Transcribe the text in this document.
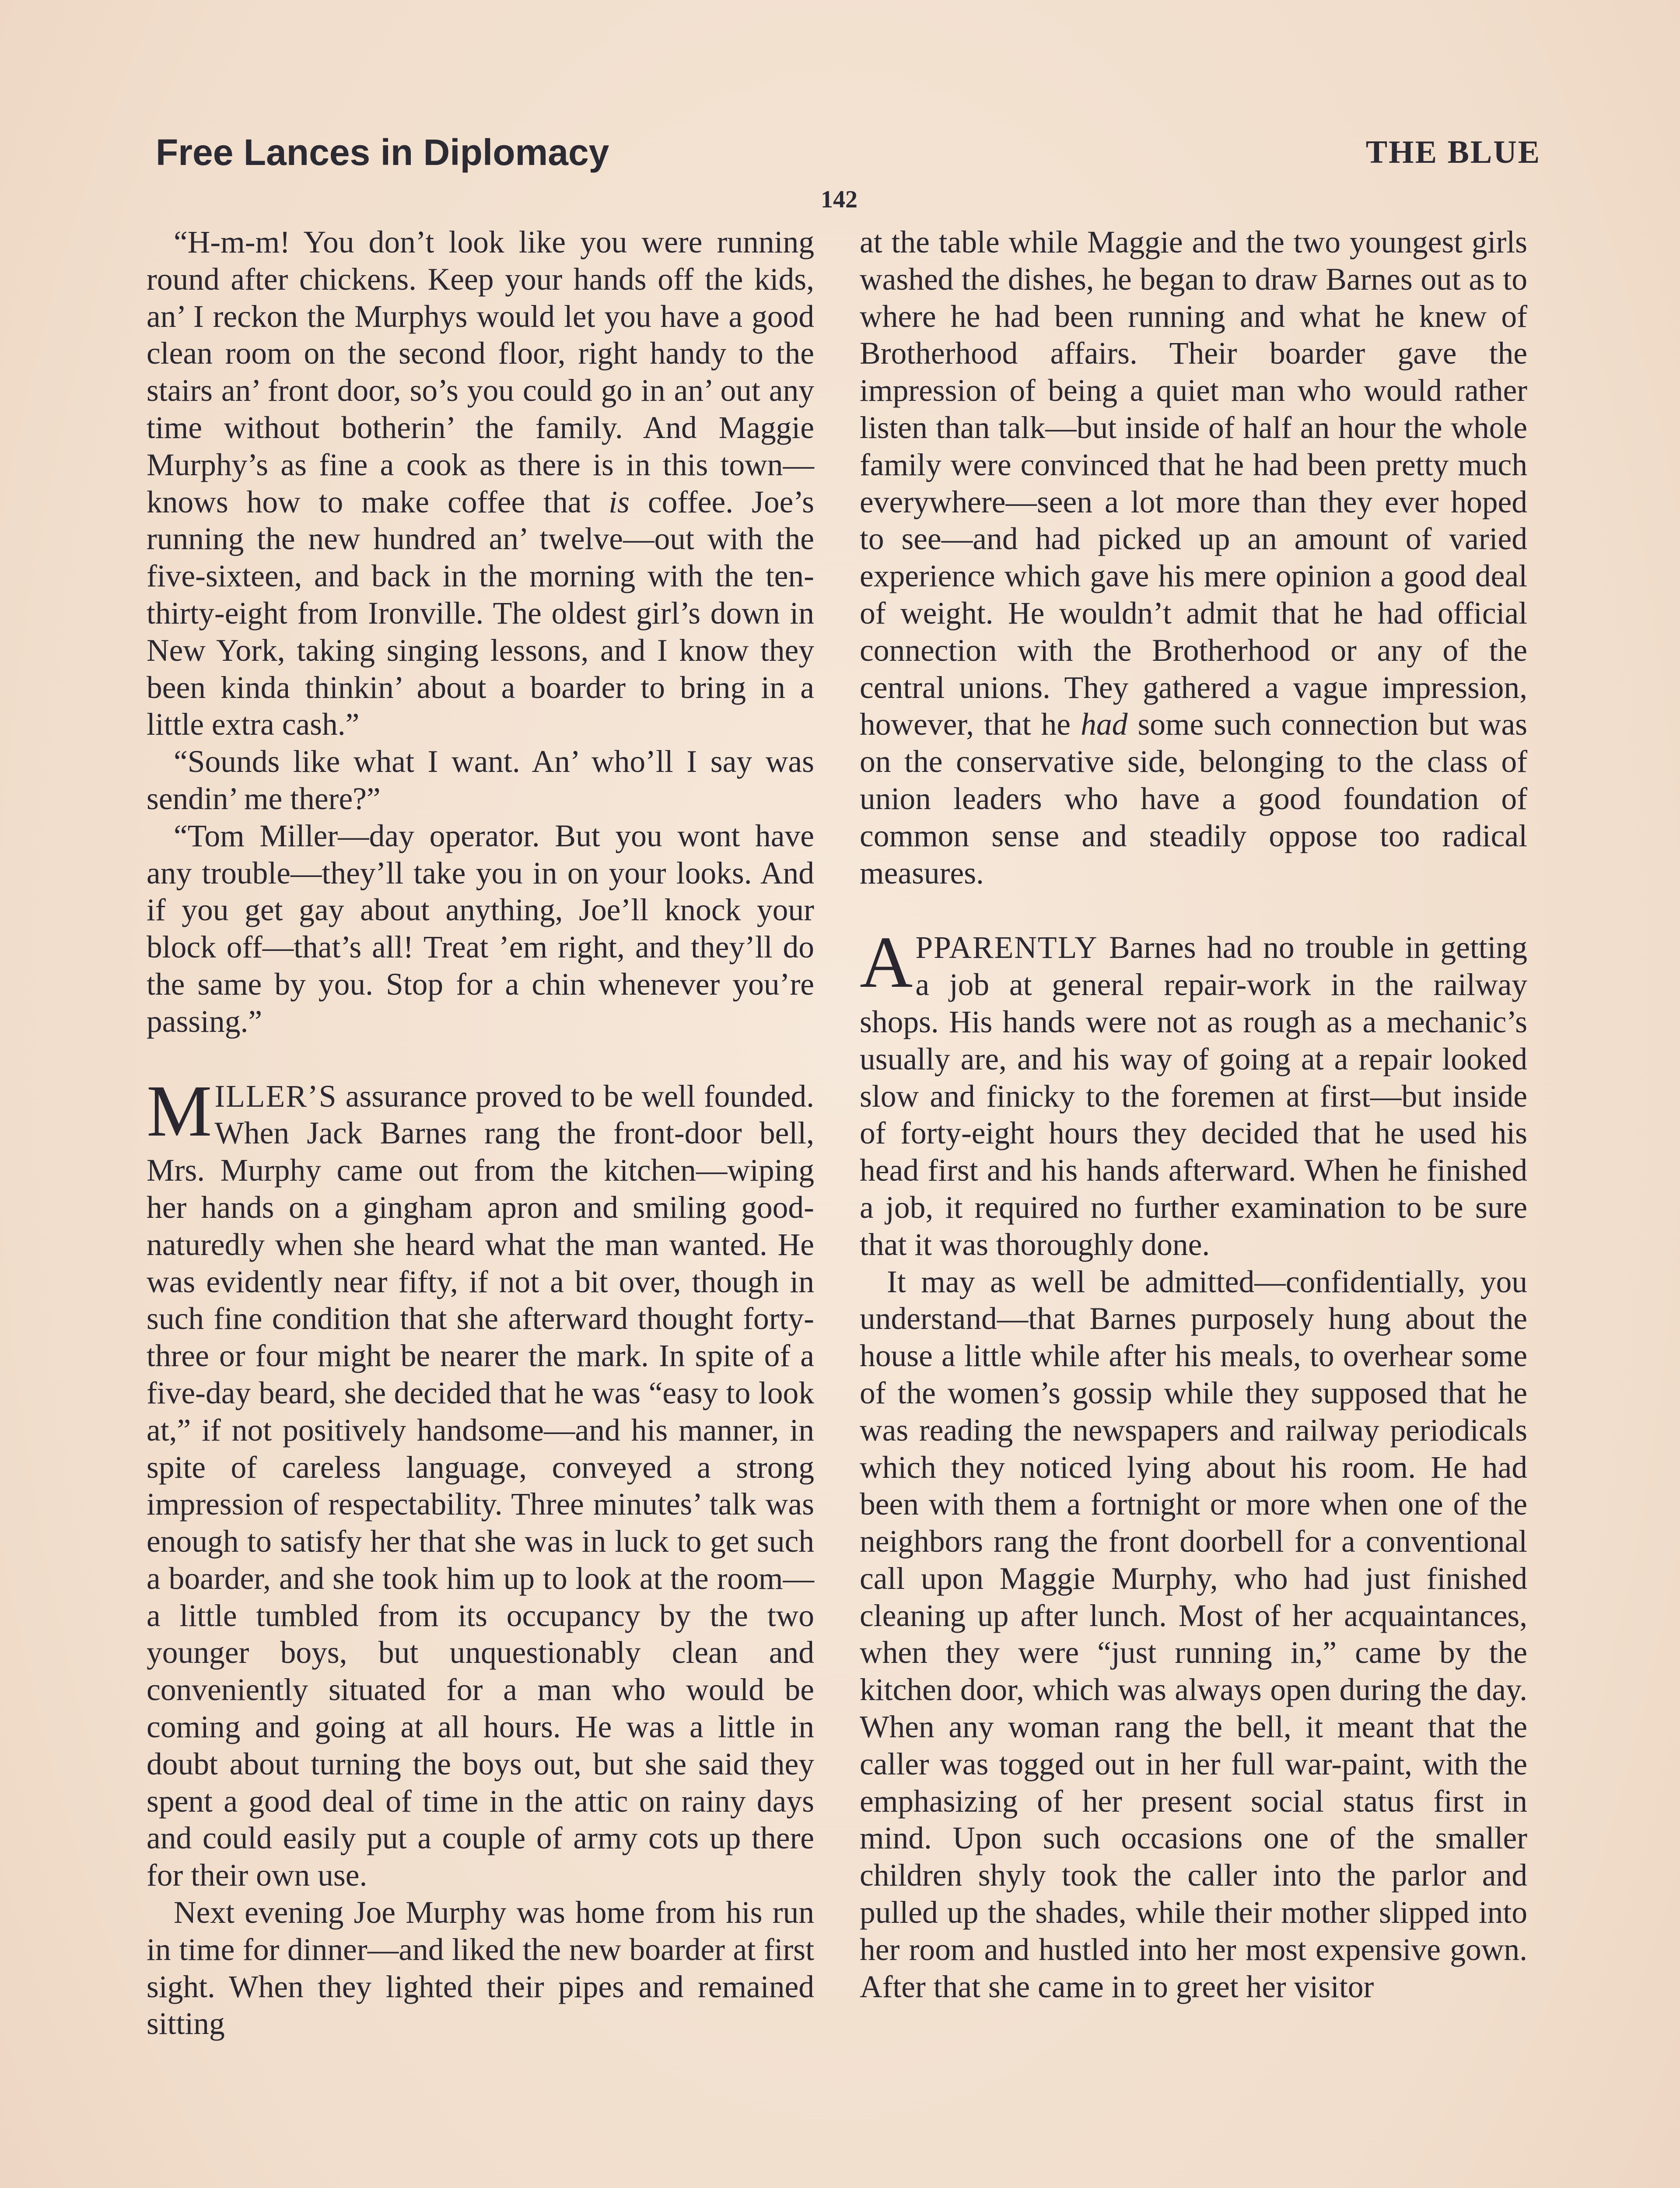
Free Lances in Diplomacy	THE BLUE
142

“H-m-m! You don’t look like you were running round after chickens. Keep your hands off the kids, an’ I reckon the Murphys would let you have a good clean room on the second floor, right handy to the stairs an’ front door, so’s you could go in an’ out any time without botherin’ the family. And Maggie Murphy’s as fine a cook as there is in this town—knows how to make coffee that is coffee. Joe’s running the new hundred an’ twelve—out with the five-sixteen, and back in the morning with the ten-thirty-eight from Ironville. The oldest girl’s down in New York, taking singing lessons, and I know they been kinda thinkin’ about a boarder to bring in a little extra cash.”

“Sounds like what I want. An’ who’ll I say was sendin’ me there?”

“Tom Miller—day operator. But you wont have any trouble—they’ll take you in on your looks. And if you get gay about anything, Joe’ll knock your block off—that’s all! Treat ’em right, and they’ll do the same by you. Stop for a chin whenever you’re passing.”

MILLER’S assurance proved to be well founded. When Jack Barnes rang the front-door bell, Mrs. Murphy came out from the kitchen—wiping her hands on a gingham apron and smiling good-naturedly when she heard what the man wanted. He was evidently near fifty, if not a bit over, though in such fine condition that she afterward thought forty-three or four might be nearer the mark. In spite of a five-day beard, she decided that he was “easy to look at,” if not positively handsome—and his manner, in spite of careless language, conveyed a strong impression of respectability. Three minutes’ talk was enough to satisfy her that she was in luck to get such a boarder, and she took him up to look at the room—a little tumbled from its occupancy by the two younger boys, but unquestionably clean and conveniently situated for a man who would be coming and going at all hours. He was a little in doubt about turning the boys out, but she said they spent a good deal of time in the attic on rainy days and could easily put a couple of army cots up there for their own use.

Next evening Joe Murphy was home from his run in time for dinner—and liked the new boarder at first sight. When they lighted their pipes and remained sitting

at the table while Maggie and the two youngest girls washed the dishes, he began to draw Barnes out as to where he had been running and what he knew of Brotherhood affairs. Their boarder gave the impression of being a quiet man who would rather listen than talk—but inside of half an hour the whole family were convinced that he had been pretty much everywhere—seen a lot more than they ever hoped to see—and had picked up an amount of varied experience which gave his mere opinion a good deal of weight. He wouldn’t admit that he had official connection with the Brotherhood or any of the central unions. They gathered a vague impression, however, that he had some such connection but was on the conservative side, belonging to the class of union leaders who have a good foundation of common sense and steadily oppose too radical measures.

APPARENTLY Barnes had no trouble in getting a job at general repair-work in the railway shops. His hands were not as rough as a mechanic’s usually are, and his way of going at a repair looked slow and finicky to the foremen at first—but inside of forty-eight hours they decided that he used his head first and his hands afterward. When he finished a job, it required no further examination to be sure that it was thoroughly done.

It may as well be admitted—confidentially, you understand—that Barnes purposely hung about the house a little while after his meals, to overhear some of the women’s gossip while they supposed that he was reading the newspapers and railway periodicals which they noticed lying about his room. He had been with them a fortnight or more when one of the neighbors rang the front doorbell for a conventional call upon Maggie Murphy, who had just finished cleaning up after lunch. Most of her acquaintances, when they were “just running in,” came by the kitchen door, which was always open during the day. When any woman rang the bell, it meant that the caller was togged out in her full war-paint, with the emphasizing of her present social status first in mind. Upon such occasions one of the smaller children shyly took the caller into the parlor and pulled up the shades, while their mother slipped into her room and hustled into her most expensive gown. After that she came in to greet her visitor
